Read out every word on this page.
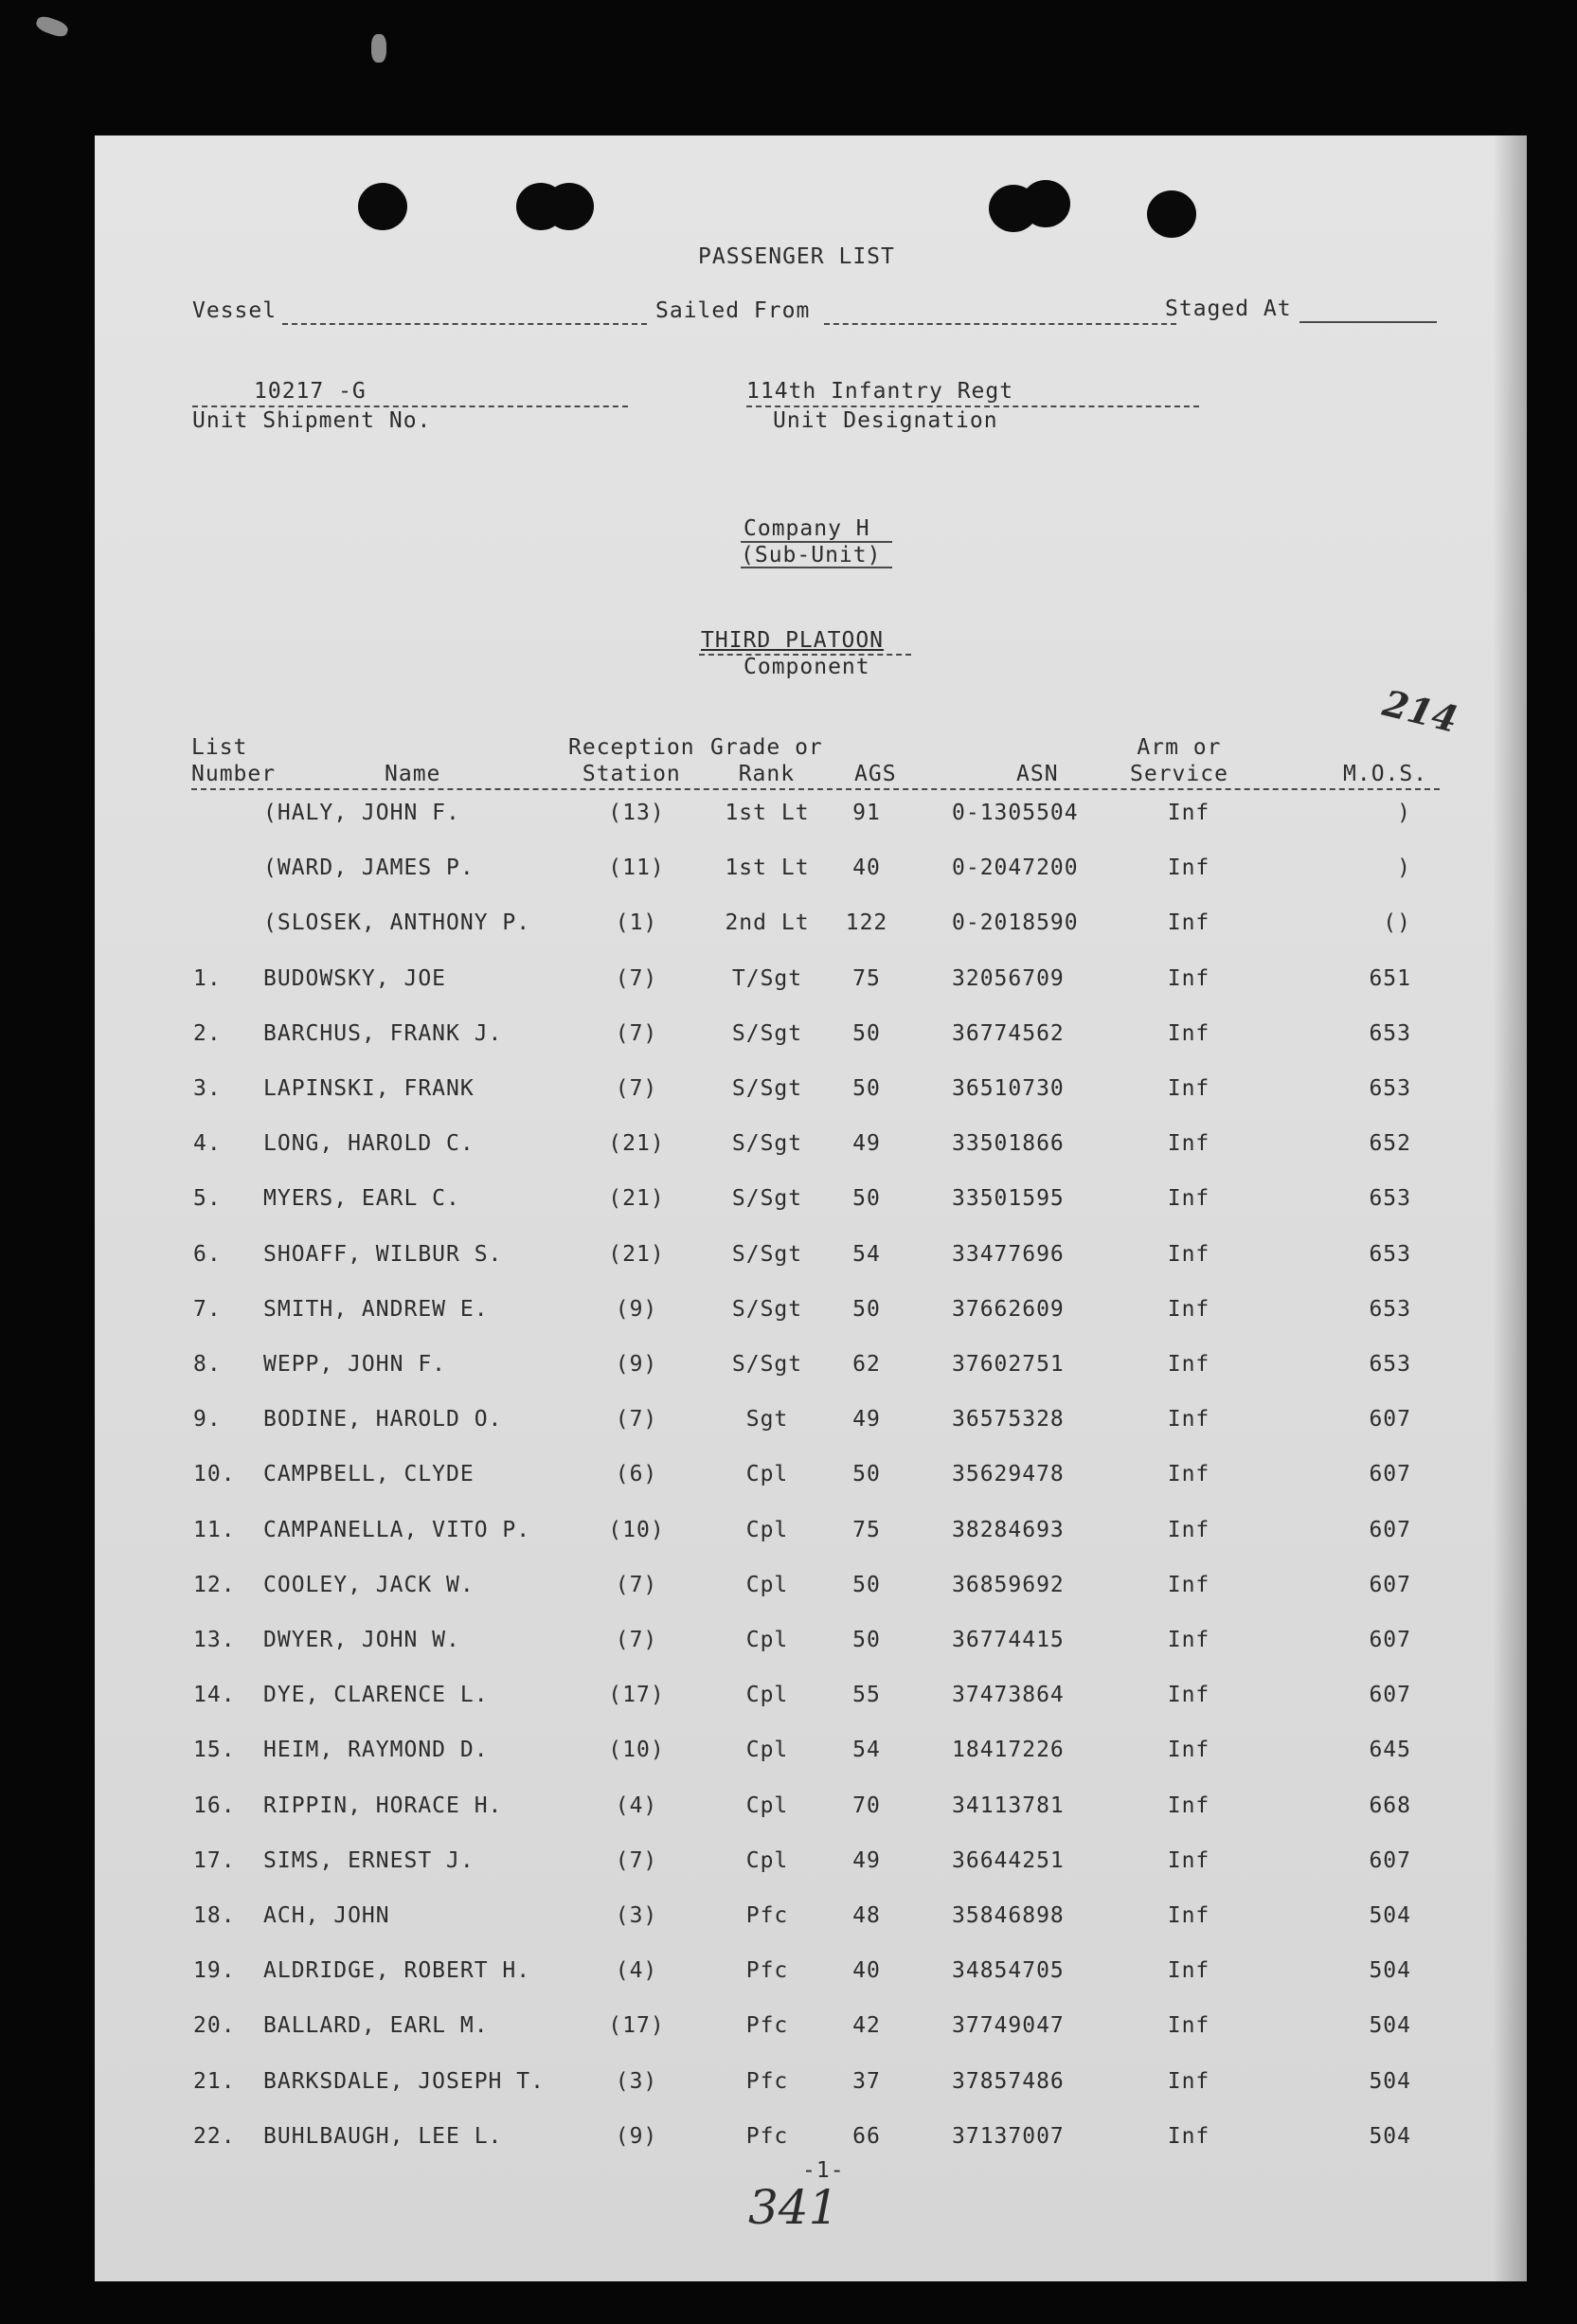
PASSENGER LIST
Vessel	Sailed From	Staged At
10217 -G
Unit Shipment No.
114th Infantry Regt
Unit Designation
Company H
(Sub-Unit)
THIRD PLATOON
Component
214
List
Number	Name
Reception
Station
Grade or
Rank	AGS	ASN
Arm or
Service	M.O.S.
(HALY, JOHN F.	(13)	1st Lt	91	0-1305504	Inf	)
(WARD, JAMES P.	(11)	1st Lt	40	0-2047200	Inf	)
(SLOSEK, ANTHONY P.	(1)	2nd Lt	122	0-2018590	Inf	()
1. BUDOWSKY, JOE	(7)	T/Sgt	75	32056709	Inf	651
2. BARCHUS, FRANK J.	(7)	S/Sgt	50	36774562	Inf	653
3. LAPINSKI, FRANK	(7)	S/Sgt	50	36510730	Inf	653
4. LONG, HAROLD C.	(21)	S/Sgt	49	33501866	Inf	652
5. MYERS, EARL C.	(21)	S/Sgt	50	33501595	Inf	653
6. SHOAFF, WILBUR S.	(21)	S/Sgt	54	33477696	Inf	653
7. SMITH, ANDREW E.	(9)	S/Sgt	50	37662609	Inf	653
8. WEPP, JOHN F.	(9)	S/Sgt	62	37602751	Inf	653
9. BODINE, HAROLD O.	(7)	Sgt	49	36575328	Inf	607
10. CAMPBELL, CLYDE	(6)	Cpl	50	35629478	Inf	607
11. CAMPANELLA, VITO P.	(10)	Cpl	75	38284693	Inf	607
12. COOLEY, JACK W.	(7)	Cpl	50	36859692	Inf	607
13. DWYER, JOHN W.	(7)	Cpl	50	36774415	Inf	607
14. DYE, CLARENCE L.	(17)	Cpl	55	37473864	Inf	607
15. HEIM, RAYMOND D.	(10)	Cpl	54	18417226	Inf	645
16. RIPPIN, HORACE H.	(4)	Cpl	70	34113781	Inf	668
17. SIMS, ERNEST J.	(7)	Cpl	49	36644251	Inf	607
18. ACH, JOHN	(3)	Pfc	48	35846898	Inf	504
19. ALDRIDGE, ROBERT H.	(4)	Pfc	40	34854705	Inf	504
20. BALLARD, EARL M.	(17)	Pfc	42	37749047	Inf	504
21. BARKSDALE, JOSEPH T.	(3)	Pfc	37	37857486	Inf	504
22. BUHLBAUGH, LEE L.	(9)	Pfc	66	37137007	Inf	504
-1-
341
